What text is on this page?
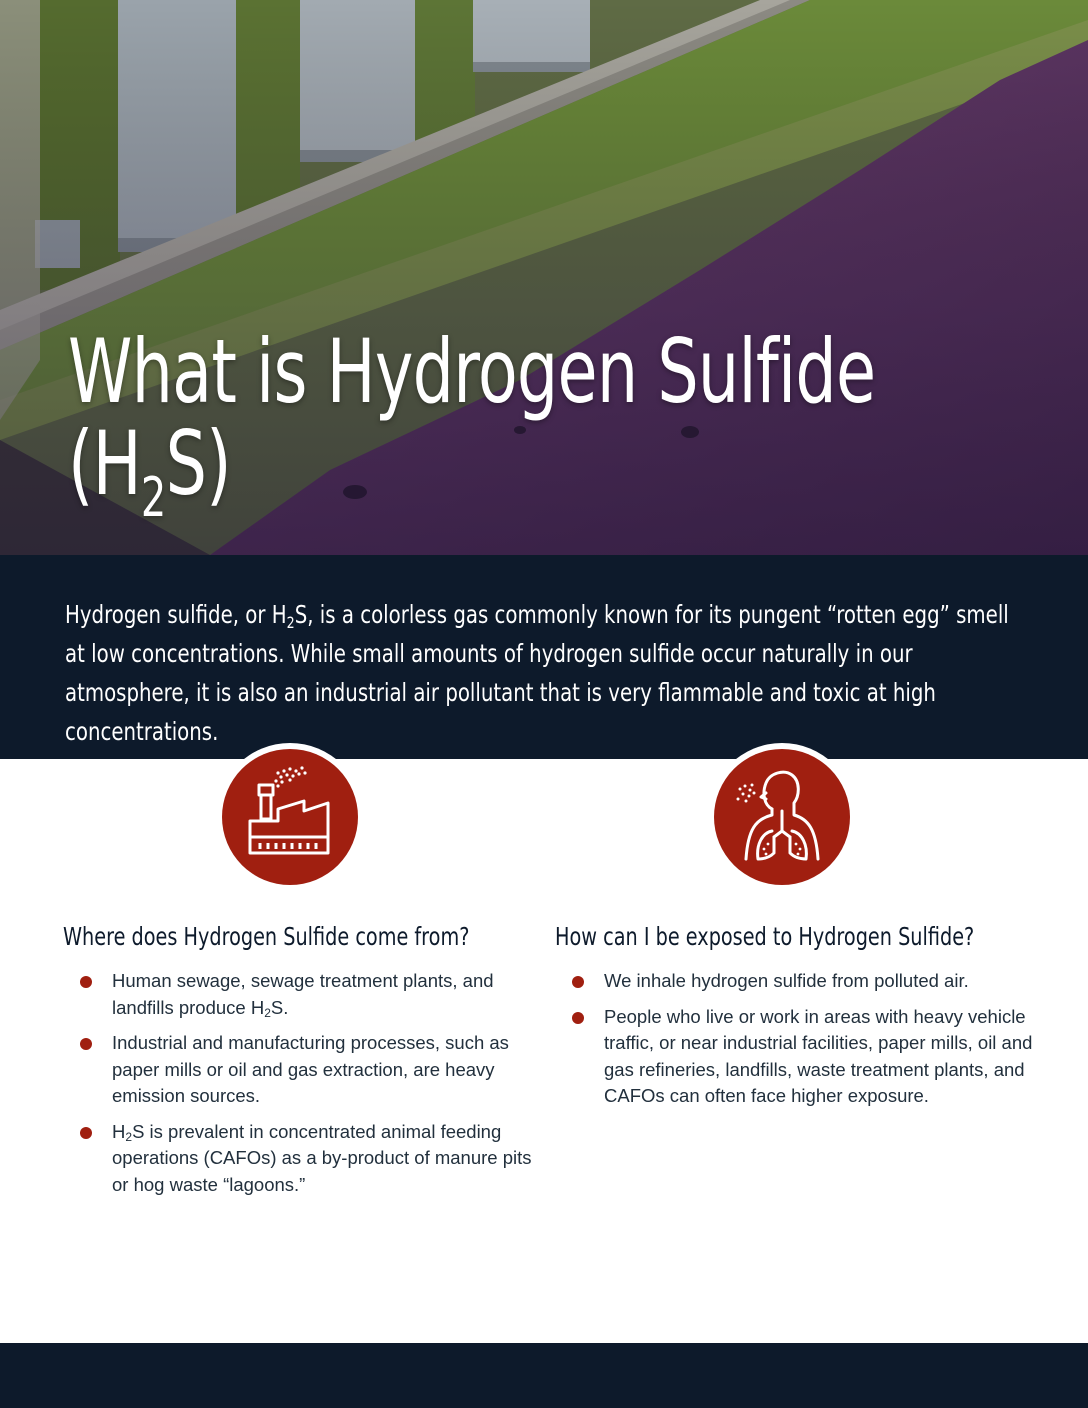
What is Hydrogen Sulfide
$(H_2S)$

Hydrogen sulfide, or $H_2S$, is a colorless gas commonly known for its pungent “rotten egg” smell at low concentrations. While small amounts of hydrogen sulfide occur naturally in our atmosphere, it is also an industrial air pollutant that is very flammable and toxic at high concentrations.

Where does Hydrogen Sulfide come from?
Human sewage, sewage treatment plants, and landfills produce $H_2S$.
Industrial and manufacturing processes, such as paper mills or oil and gas extraction, are heavy emission sources.
$H_2S$ is prevalent in concentrated animal feeding operations (CAFOs) as a by-product of manure pits or hog waste “lagoons.”
How can I be exposed to Hydrogen Sulfide?
We inhale hydrogen sulfide from polluted air.
People who live or work in areas with heavy vehicle traffic, or near industrial facilities, paper mills, oil and gas refineries, landfills, waste treatment plants, and CAFOs can often face higher exposure.
